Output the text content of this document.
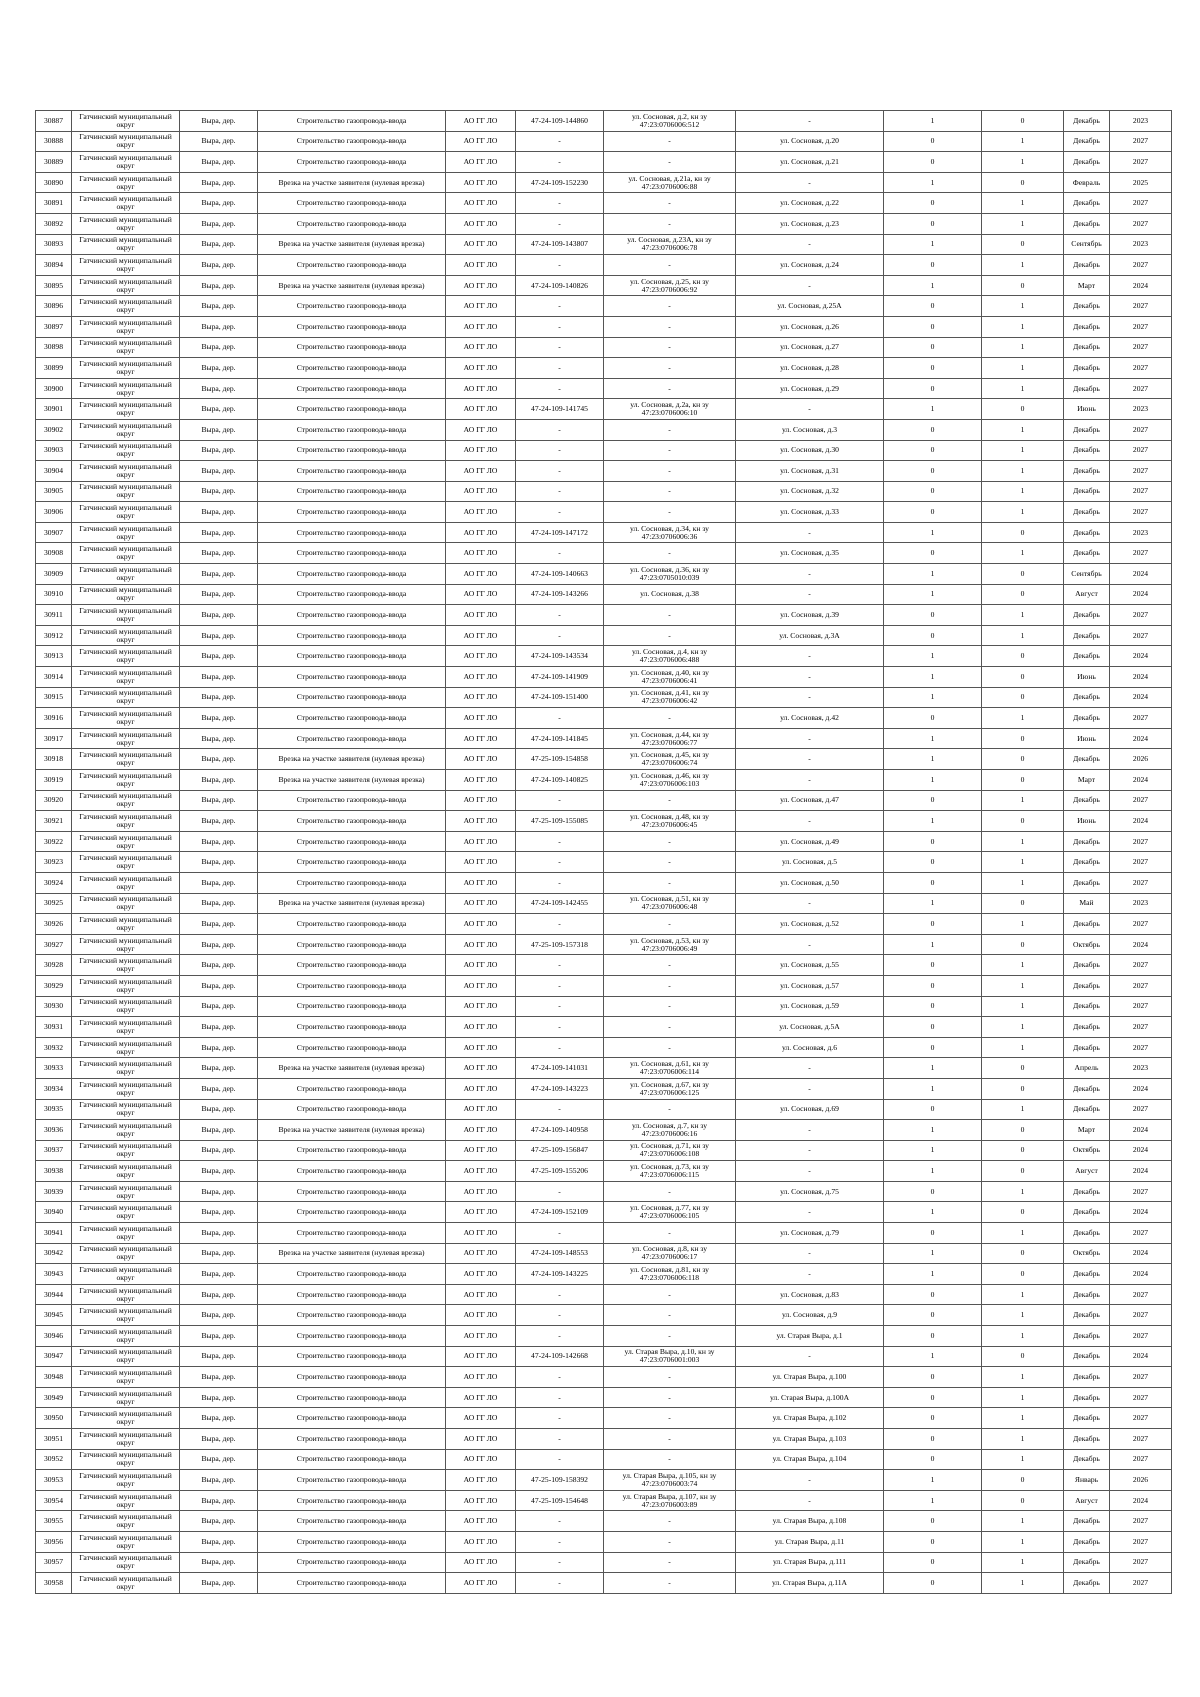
30887	Гатчинский муниципальный округ	Вырa, дер.	Строительство газопровода-ввода	АО ГГ ЛО	47-24-109-144860	ул. Сосновая, д.2, кн зу 47:23:0706006:512	-	1	0	Декабрь	2023
30888	Гатчинский муниципальный округ	Вырa, дер.	Строительство газопровода-ввода	АО ГГ ЛО	-	-	ул. Сосновая, д.20	0	1	Декабрь	2027
30889	Гатчинский муниципальный округ	Вырa, дер.	Строительство газопровода-ввода	АО ГГ ЛО	-	-	ул. Сосновая, д.21	0	1	Декабрь	2027
30890	Гатчинский муниципальный округ	Вырa, дер.	Врезка на участке заявителя (нулевая врезка)	АО ГГ ЛО	47-24-109-152230	ул. Сосновая, д.21а, кн зу 47:23:0706006:88	-	1	0	Февраль	2025
30891	Гатчинский муниципальный округ	Вырa, дер.	Строительство газопровода-ввода	АО ГГ ЛО	-	-	ул. Сосновая, д.22	0	1	Декабрь	2027
30892	Гатчинский муниципальный округ	Вырa, дер.	Строительство газопровода-ввода	АО ГГ ЛО	-	-	ул. Сосновая, д.23	0	1	Декабрь	2027
30893	Гатчинский муниципальный округ	Вырa, дер.	Врезка на участке заявителя (нулевая врезка)	АО ГГ ЛО	47-24-109-143807	ул. Сосновая, д.23А, кн зу 47:23:0706006:78	-	1	0	Сентябрь	2023
30894	Гатчинский муниципальный округ	Вырa, дер.	Строительство газопровода-ввода	АО ГГ ЛО	-	-	ул. Сосновая, д.24	0	1	Декабрь	2027
30895	Гатчинский муниципальный округ	Вырa, дер.	Врезка на участке заявителя (нулевая врезка)	АО ГГ ЛО	47-24-109-140826	ул. Сосновая, д.25, кн зу 47:23:0706006:92	-	1	0	Март	2024
30896	Гатчинский муниципальный округ	Вырa, дер.	Строительство газопровода-ввода	АО ГГ ЛО	-	-	ул. Сосновая, д.25А	0	1	Декабрь	2027
30897	Гатчинский муниципальный округ	Вырa, дер.	Строительство газопровода-ввода	АО ГГ ЛО	-	-	ул. Сосновая, д.26	0	1	Декабрь	2027
30898	Гатчинский муниципальный округ	Вырa, дер.	Строительство газопровода-ввода	АО ГГ ЛО	-	-	ул. Сосновая, д.27	0	1	Декабрь	2027
30899	Гатчинский муниципальный округ	Вырa, дер.	Строительство газопровода-ввода	АО ГГ ЛО	-	-	ул. Сосновая, д.28	0	1	Декабрь	2027
30900	Гатчинский муниципальный округ	Вырa, дер.	Строительство газопровода-ввода	АО ГГ ЛО	-	-	ул. Сосновая, д.29	0	1	Декабрь	2027
30901	Гатчинский муниципальный округ	Вырa, дер.	Строительство газопровода-ввода	АО ГГ ЛО	47-24-109-141745	ул. Сосновая, д.2а, кн зу 47:23:0706006:10	-	1	0	Июнь	2023
30902	Гатчинский муниципальный округ	Вырa, дер.	Строительство газопровода-ввода	АО ГГ ЛО	-	-	ул. Сосновая, д.3	0	1	Декабрь	2027
30903	Гатчинский муниципальный округ	Вырa, дер.	Строительство газопровода-ввода	АО ГГ ЛО	-	-	ул. Сосновая, д.30	0	1	Декабрь	2027
30904	Гатчинский муниципальный округ	Вырa, дер.	Строительство газопровода-ввода	АО ГГ ЛО	-	-	ул. Сосновая, д.31	0	1	Декабрь	2027
30905	Гатчинский муниципальный округ	Вырa, дер.	Строительство газопровода-ввода	АО ГГ ЛО	-	-	ул. Сосновая, д.32	0	1	Декабрь	2027
30906	Гатчинский муниципальный округ	Вырa, дер.	Строительство газопровода-ввода	АО ГГ ЛО	-	-	ул. Сосновая, д.33	0	1	Декабрь	2027
30907	Гатчинский муниципальный округ	Вырa, дер.	Строительство газопровода-ввода	АО ГГ ЛО	47-24-109-147172	ул. Сосновая, д.34, кн зу 47:23:0706006:36	-	1	0	Декабрь	2023
30908	Гатчинский муниципальный округ	Вырa, дер.	Строительство газопровода-ввода	АО ГГ ЛО	-	-	ул. Сосновая, д.35	0	1	Декабрь	2027
30909	Гатчинский муниципальный округ	Вырa, дер.	Строительство газопровода-ввода	АО ГГ ЛО	47-24-109-140663	ул. Сосновая, д.36, кн зу 47:23:0705010:039	-	1	0	Сентябрь	2024
30910	Гатчинский муниципальный округ	Вырa, дер.	Строительство газопровода-ввода	АО ГГ ЛО	47-24-109-143266	ул. Сосновая, д.38	-	1	0	Август	2024
30911	Гатчинский муниципальный округ	Вырa, дер.	Строительство газопровода-ввода	АО ГГ ЛО	-	-	ул. Сосновая, д.39	0	1	Декабрь	2027
30912	Гатчинский муниципальный округ	Вырa, дер.	Строительство газопровода-ввода	АО ГГ ЛО	-	-	ул. Сосновая, д.3А	0	1	Декабрь	2027
30913	Гатчинский муниципальный округ	Вырa, дер.	Строительство газопровода-ввода	АО ГГ ЛО	47-24-109-143534	ул. Сосновая, д.4, кн зу 47:23:0706006:488	-	1	0	Декабрь	2024
30914	Гатчинский муниципальный округ	Вырa, дер.	Строительство газопровода-ввода	АО ГГ ЛО	47-24-109-141909	ул. Сосновая, д.40, кн зу 47:23:0706006:41	-	1	0	Июнь	2024
30915	Гатчинский муниципальный округ	Вырa, дер.	Строительство газопровода-ввода	АО ГГ ЛО	47-24-109-151400	ул. Сосновая, д.41, кн зу 47:23:0706006:42	-	1	0	Декабрь	2024
30916	Гатчинский муниципальный округ	Вырa, дер.	Строительство газопровода-ввода	АО ГГ ЛО	-	-	ул. Сосновая, д.42	0	1	Декабрь	2027
30917	Гатчинский муниципальный округ	Вырa, дер.	Строительство газопровода-ввода	АО ГГ ЛО	47-24-109-141845	ул. Сосновая, д.44, кн зу 47:23:0706006:77	-	1	0	Июнь	2024
30918	Гатчинский муниципальный округ	Вырa, дер.	Врезка на участке заявителя (нулевая врезка)	АО ГГ ЛО	47-25-109-154858	ул. Сосновая, д.45, кн зу 47:23:0706006:74	-	1	0	Декабрь	2026
30919	Гатчинский муниципальный округ	Вырa, дер.	Врезка на участке заявителя (нулевая врезка)	АО ГГ ЛО	47-24-109-140825	ул. Сосновая, д.46, кн зу 47:23:0706006:103	-	1	0	Март	2024
30920	Гатчинский муниципальный округ	Вырa, дер.	Строительство газопровода-ввода	АО ГГ ЛО	-	-	ул. Сосновая, д.47	0	1	Декабрь	2027
30921	Гатчинский муниципальный округ	Вырa, дер.	Строительство газопровода-ввода	АО ГГ ЛО	47-25-109-155085	ул. Сосновая, д.48, кн зу 47:23:0706006:45	-	1	0	Июнь	2024
30922	Гатчинский муниципальный округ	Вырa, дер.	Строительство газопровода-ввода	АО ГГ ЛО	-	-	ул. Сосновая, д.49	0	1	Декабрь	2027
30923	Гатчинский муниципальный округ	Вырa, дер.	Строительство газопровода-ввода	АО ГГ ЛО	-	-	ул. Сосновая, д.5	0	1	Декабрь	2027
30924	Гатчинский муниципальный округ	Вырa, дер.	Строительство газопровода-ввода	АО ГГ ЛО	-	-	ул. Сосновая, д.50	0	1	Декабрь	2027
30925	Гатчинский муниципальный округ	Вырa, дер.	Врезка на участке заявителя (нулевая врезка)	АО ГГ ЛО	47-24-109-142455	ул. Сосновая, д.51, кн зу 47:23:0706006:48	-	1	0	Май	2023
30926	Гатчинский муниципальный округ	Вырa, дер.	Строительство газопровода-ввода	АО ГГ ЛО	-	-	ул. Сосновая, д.52	0	1	Декабрь	2027
30927	Гатчинский муниципальный округ	Вырa, дер.	Строительство газопровода-ввода	АО ГГ ЛО	47-25-109-157318	ул. Сосновая, д.53, кн зу 47:23:0706006:49	-	1	0	Октябрь	2024
30928	Гатчинский муниципальный округ	Вырa, дер.	Строительство газопровода-ввода	АО ГГ ЛО	-	-	ул. Сосновая, д.55	0	1	Декабрь	2027
30929	Гатчинский муниципальный округ	Вырa, дер.	Строительство газопровода-ввода	АО ГГ ЛО	-	-	ул. Сосновая, д.57	0	1	Декабрь	2027
30930	Гатчинский муниципальный округ	Вырa, дер.	Строительство газопровода-ввода	АО ГГ ЛО	-	-	ул. Сосновая, д.59	0	1	Декабрь	2027
30931	Гатчинский муниципальный округ	Вырa, дер.	Строительство газопровода-ввода	АО ГГ ЛО	-	-	ул. Сосновая, д.5А	0	1	Декабрь	2027
30932	Гатчинский муниципальный округ	Вырa, дер.	Строительство газопровода-ввода	АО ГГ ЛО	-	-	ул. Сосновая, д.6	0	1	Декабрь	2027
30933	Гатчинский муниципальный округ	Вырa, дер.	Врезка на участке заявителя (нулевая врезка)	АО ГГ ЛО	47-24-109-141031	ул. Сосновая, д.61, кн зу 47:23:0706006:114	-	1	0	Апрель	2023
30934	Гатчинский муниципальный округ	Вырa, дер.	Строительство газопровода-ввода	АО ГГ ЛО	47-24-109-143223	ул. Сосновая, д.67, кн зу 47:23:0706006:125	-	1	0	Декабрь	2024
30935	Гатчинский муниципальный округ	Вырa, дер.	Строительство газопровода-ввода	АО ГГ ЛО	-	-	ул. Сосновая, д.69	0	1	Декабрь	2027
30936	Гатчинский муниципальный округ	Вырa, дер.	Врезка на участке заявителя (нулевая врезка)	АО ГГ ЛО	47-24-109-140958	ул. Сосновая, д.7, кн зу 47:23:0706006:16	-	1	0	Март	2024
30937	Гатчинский муниципальный округ	Вырa, дер.	Строительство газопровода-ввода	АО ГГ ЛО	47-25-109-156847	ул. Сосновая, д.71, кн зу 47:23:0706006:108	-	1	0	Октябрь	2024
30938	Гатчинский муниципальный округ	Вырa, дер.	Строительство газопровода-ввода	АО ГГ ЛО	47-25-109-155206	ул. Сосновая, д.73, кн зу 47:23:0706006:115	-	1	0	Август	2024
30939	Гатчинский муниципальный округ	Вырa, дер.	Строительство газопровода-ввода	АО ГГ ЛО	-	-	ул. Сосновая, д.75	0	1	Декабрь	2027
30940	Гатчинский муниципальный округ	Вырa, дер.	Строительство газопровода-ввода	АО ГГ ЛО	47-24-109-152109	ул. Сосновая, д.77, кн зу 47:23:0706006:105	-	1	0	Декабрь	2024
30941	Гатчинский муниципальный округ	Вырa, дер.	Строительство газопровода-ввода	АО ГГ ЛО	-	-	ул. Сосновая, д.79	0	1	Декабрь	2027
30942	Гатчинский муниципальный округ	Вырa, дер.	Врезка на участке заявителя (нулевая врезка)	АО ГГ ЛО	47-24-109-148553	ул. Сосновая, д.8, кн зу 47:23:0706006:17	-	1	0	Октябрь	2024
30943	Гатчинский муниципальный округ	Вырa, дер.	Строительство газопровода-ввода	АО ГГ ЛО	47-24-109-143225	ул. Сосновая, д.81, кн зу 47:23:0706006:118	-	1	0	Декабрь	2024
30944	Гатчинский муниципальный округ	Вырa, дер.	Строительство газопровода-ввода	АО ГГ ЛО	-	-	ул. Сосновая, д.83	0	1	Декабрь	2027
30945	Гатчинский муниципальный округ	Вырa, дер.	Строительство газопровода-ввода	АО ГГ ЛО	-	-	ул. Сосновая, д.9	0	1	Декабрь	2027
30946	Гатчинский муниципальный округ	Вырa, дер.	Строительство газопровода-ввода	АО ГГ ЛО	-	-	ул. Старая Вырa, д.1	0	1	Декабрь	2027
30947	Гатчинский муниципальный округ	Вырa, дер.	Строительство газопровода-ввода	АО ГГ ЛО	47-24-109-142668	ул. Старая Вырa, д.10, кн зу 47:23:0706001:003	-	1	0	Декабрь	2024
30948	Гатчинский муниципальный округ	Вырa, дер.	Строительство газопровода-ввода	АО ГГ ЛО	-	-	ул. Старая Вырa, д.100	0	1	Декабрь	2027
30949	Гатчинский муниципальный округ	Вырa, дер.	Строительство газопровода-ввода	АО ГГ ЛО	-	-	ул. Старая Вырa, д.100А	0	1	Декабрь	2027
30950	Гатчинский муниципальный округ	Вырa, дер.	Строительство газопровода-ввода	АО ГГ ЛО	-	-	ул. Старая Вырa, д.102	0	1	Декабрь	2027
30951	Гатчинский муниципальный округ	Вырa, дер.	Строительство газопровода-ввода	АО ГГ ЛО	-	-	ул. Старая Вырa, д.103	0	1	Декабрь	2027
30952	Гатчинский муниципальный округ	Вырa, дер.	Строительство газопровода-ввода	АО ГГ ЛО	-	-	ул. Старая Вырa, д.104	0	1	Декабрь	2027
30953	Гатчинский муниципальный округ	Вырa, дер.	Строительство газопровода-ввода	АО ГГ ЛО	47-25-109-158392	ул. Старая Вырa, д.105, кн зу 47:23:0706003:74	-	1	0	Январь	2026
30954	Гатчинский муниципальный округ	Вырa, дер.	Строительство газопровода-ввода	АО ГГ ЛО	47-25-109-154648	ул. Старая Вырa, д.107, кн зу 47:23:0706003:89	-	1	0	Август	2024
30955	Гатчинский муниципальный округ	Вырa, дер.	Строительство газопровода-ввода	АО ГГ ЛО	-	-	ул. Старая Вырa, д.108	0	1	Декабрь	2027
30956	Гатчинский муниципальный округ	Вырa, дер.	Строительство газопровода-ввода	АО ГГ ЛО	-	-	ул. Старая Вырa, д.11	0	1	Декабрь	2027
30957	Гатчинский муниципальный округ	Вырa, дер.	Строительство газопровода-ввода	АО ГГ ЛО	-	-	ул. Старая Вырa, д.111	0	1	Декабрь	2027
30958	Гатчинский муниципальный округ	Вырa, дер.	Строительство газопровода-ввода	АО ГГ ЛО	-	-	ул. Старая Вырa, д.11А	0	1	Декабрь	2027
